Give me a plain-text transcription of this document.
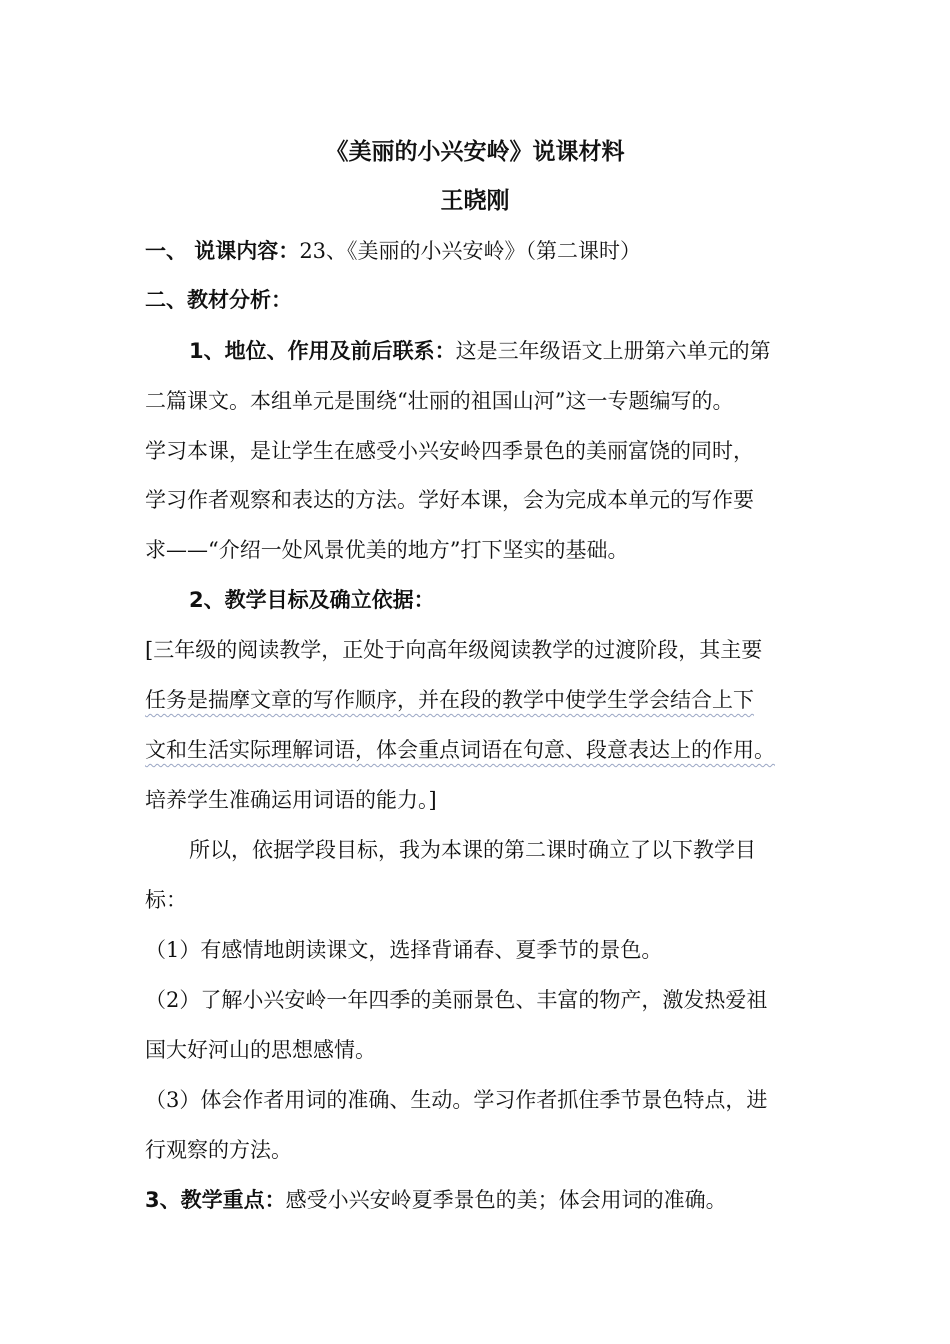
《美丽的小兴安岭》说课材料
王晓刚
一、 说课内容：23、《美丽的小兴安岭》（第二课时）
二、教材分析：
1、地位、作用及前后联系：这是三年级语文上册第六单元的第
二篇课文。本组单元是围绕“壮丽的祖国山河”这一专题编写的。
学习本课，是让学生在感受小兴安岭四季景色的美丽富饶的同时，
学习作者观察和表达的方法。学好本课，会为完成本单元的写作要
求——“介绍一处风景优美的地方”打下坚实的基础。
2、教学目标及确立依据：
[三年级的阅读教学，正处于向高年级阅读教学的过渡阶段，其主要
任务是揣摩文章的写作顺序，并在段的教学中使学生学会结合上下
文和生活实际理解词语，体会重点词语在句意、段意表达上的作用。
培养学生准确运用词语的能力。]
所以，依据学段目标，我为本课的第二课时确立了以下教学目
标：
（1）有感情地朗读课文，选择背诵春、夏季节的景色。
（2）了解小兴安岭一年四季的美丽景色、丰富的物产，激发热爱祖
国大好河山的思想感情。
（3）体会作者用词的准确、生动。学习作者抓住季节景色特点，进
行观察的方法。
3、教学重点：感受小兴安岭夏季景色的美；体会用词的准确。
